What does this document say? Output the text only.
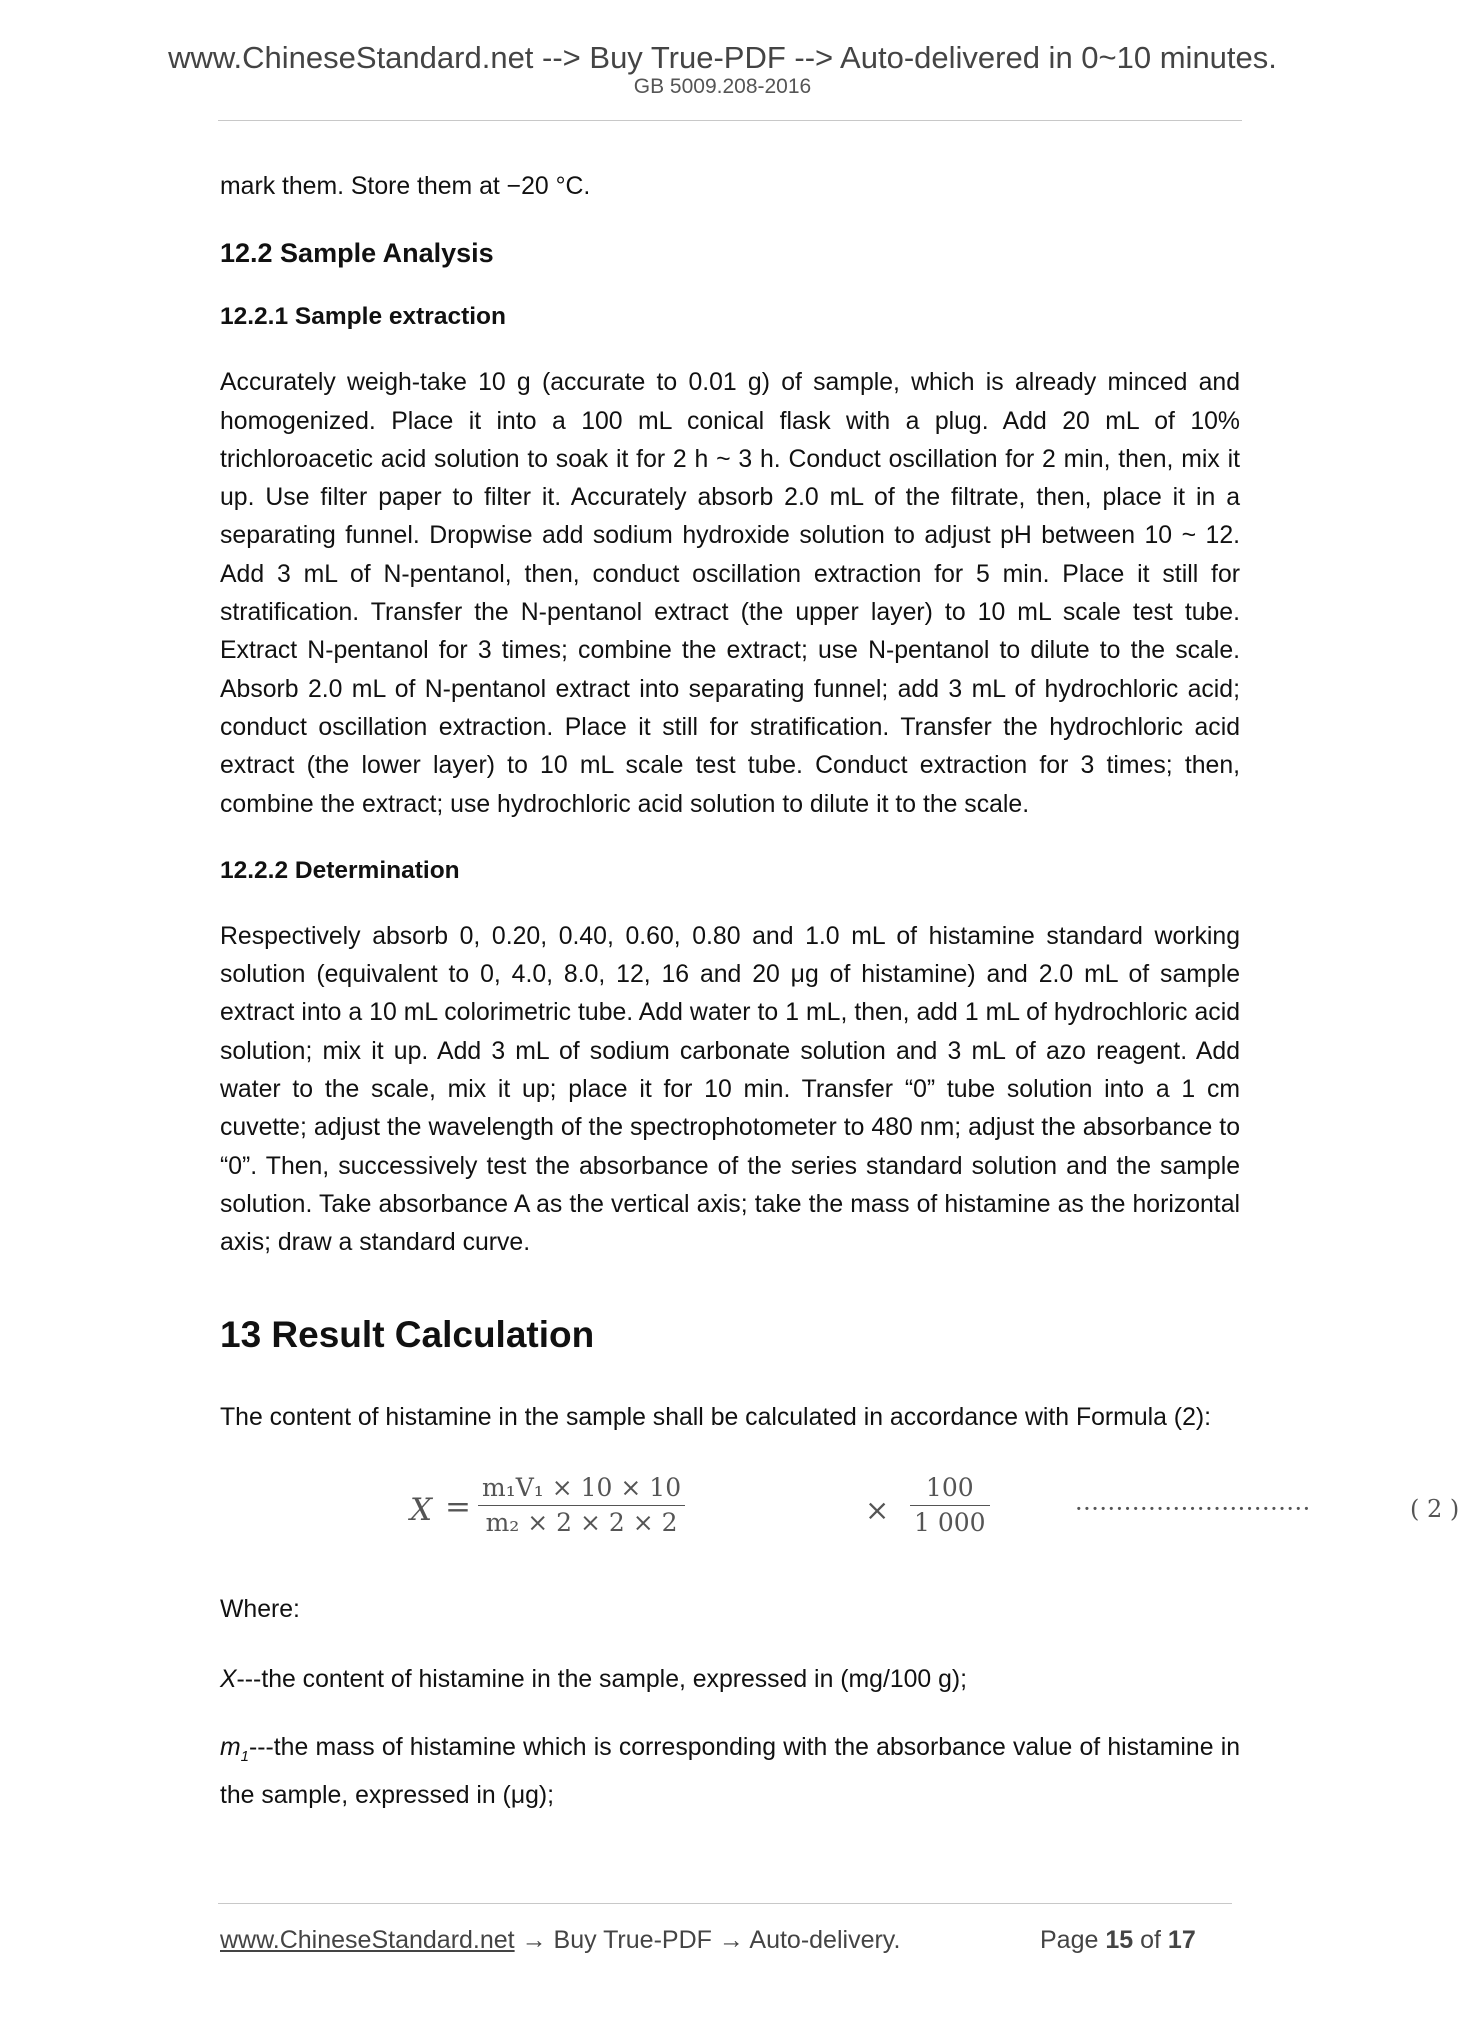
www.ChineseStandard.net --> Buy True-PDF --> Auto-delivered in 0~10 minutes.
GB 5009.208-2016

mark them. Store them at −20 °C.

12.2 Sample Analysis
12.2.1 Sample extraction

Accurately weigh-take 10 g (accurate to 0.01 g) of sample, which is already minced and homogenized. Place it into a 100 mL conical flask with a plug. Add 20 mL of 10% trichloroacetic acid solution to soak it for 2 h ~ 3 h. Conduct oscillation for 2 min, then, mix it up. Use filter paper to filter it. Accurately absorb 2.0 mL of the filtrate, then, place it in a separating funnel. Dropwise add sodium hydroxide solution to adjust pH between 10 ~ 12. Add 3 mL of N-pentanol, then, conduct oscillation extraction for 5 min. Place it still for stratification. Transfer the N-pentanol extract (the upper layer) to 10 mL scale test tube. Extract N-pentanol for 3 times; combine the extract; use N-pentanol to dilute to the scale. Absorb 2.0 mL of N-pentanol extract into separating funnel; add 3 mL of hydrochloric acid; conduct oscillation extraction. Place it still for stratification. Transfer the hydrochloric acid extract (the lower layer) to 10 mL scale test tube. Conduct extraction for 3 times; then, combine the extract; use hydrochloric acid solution to dilute it to the scale.

12.2.2 Determination

Respectively absorb 0, 0.20, 0.40, 0.60, 0.80 and 1.0 mL of histamine standard working solution (equivalent to 0, 4.0, 8.0, 12, 16 and 20 μg of histamine) and 2.0 mL of sample extract into a 10 mL colorimetric tube. Add water to 1 mL, then, add 1 mL of hydrochloric acid solution; mix it up. Add 3 mL of sodium carbonate solution and 3 mL of azo reagent. Add water to the scale, mix it up; place it for 10 min. Transfer “0” tube solution into a 1 cm cuvette; adjust the wavelength of the spectrophotometer to 480 nm; adjust the absorbance to “0”. Then, successively test the absorbance of the series standard solution and the sample solution. Take absorbance A as the vertical axis; take the mass of histamine as the horizontal axis; draw a standard curve.

13 Result Calculation

The content of histamine in the sample shall be calculated in accordance with Formula (2):

$X = \frac{\text{m₁V₁ × 10 × 10}}{\text{m₂ × 2 × 2 × 2}}$	× $\frac{100}{1 000}$	·····························	( 2 )

Where:

X---the content of histamine in the sample, expressed in (mg/100 g);

$m_1--$-the mass of histamine which is corresponding with the absorbance value of histamine in the sample, expressed in (μg);

www.ChineseStandard.net → Buy True-PDF → Auto-delivery.	Page 15 of 17
